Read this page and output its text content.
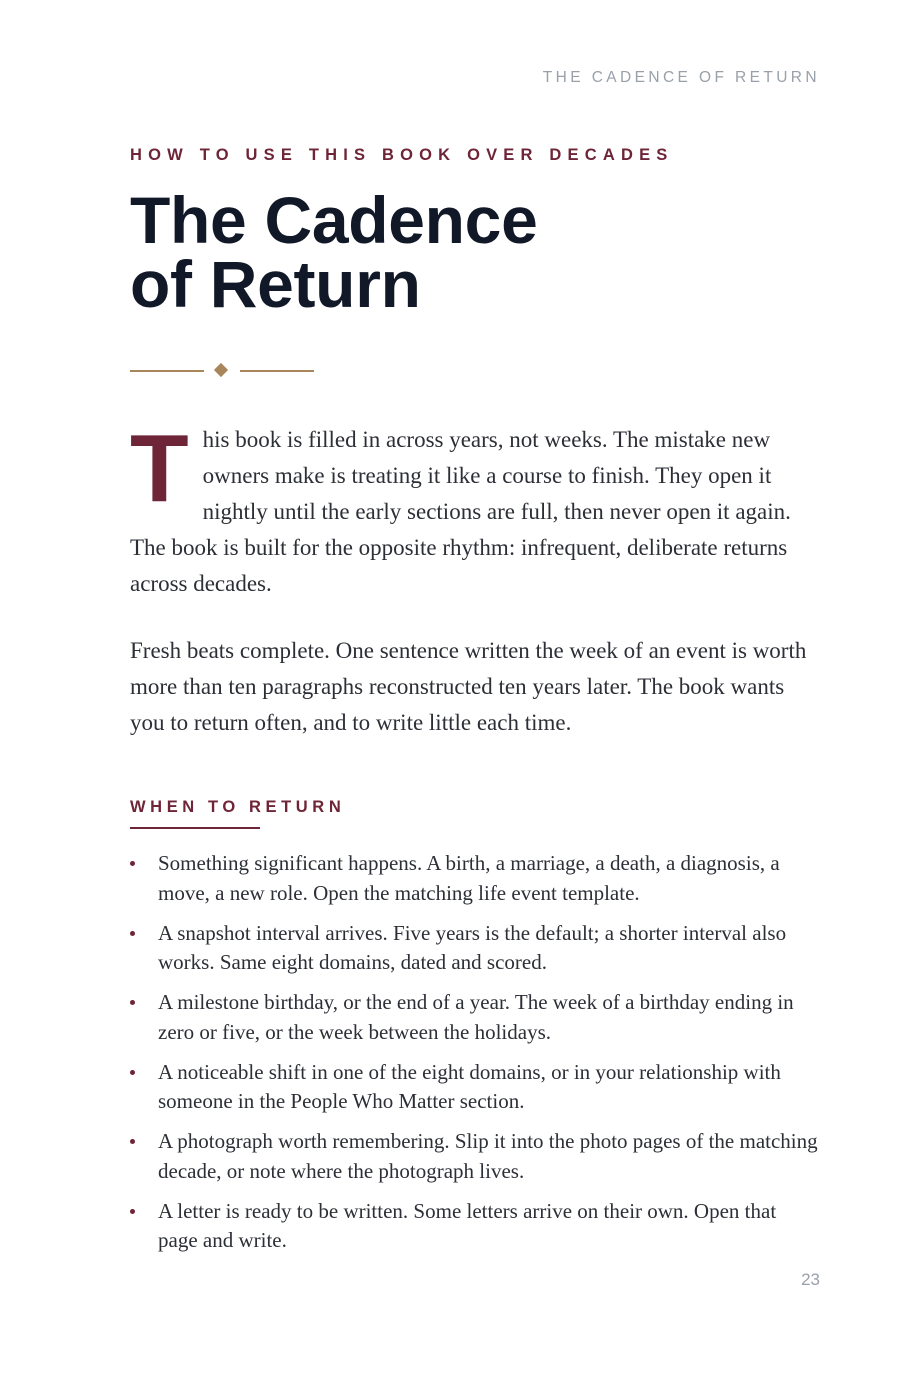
THE CADENCE OF RETURN
HOW TO USE THIS BOOK OVER DECADES
The Cadence
of Return

This book is filled in across years, not weeks. The mistake new owners make is treating it like a course to finish. They open it nightly until the early sections are full, then never open it again. The book is built for the opposite rhythm: infrequent, deliberate returns across decades.

Fresh beats complete. One sentence written the week of an event is worth more than ten paragraphs reconstructed ten years later. The book wants you to return often, and to write little each time.

WHEN TO RETURN
Something significant happens. A birth, a marriage, a death, a diagnosis, a move, a new role. Open the matching life event template.
A snapshot interval arrives. Five years is the default; a shorter interval also works. Same eight domains, dated and scored.
A milestone birthday, or the end of a year. The week of a birthday ending in zero or five, or the week between the holidays.
A noticeable shift in one of the eight domains, or in your relationship with someone in the People Who Matter section.
A photograph worth remembering. Slip it into the photo pages of the matching decade, or note where the photograph lives.
A letter is ready to be written. Some letters arrive on their own. Open that page and write.
23
